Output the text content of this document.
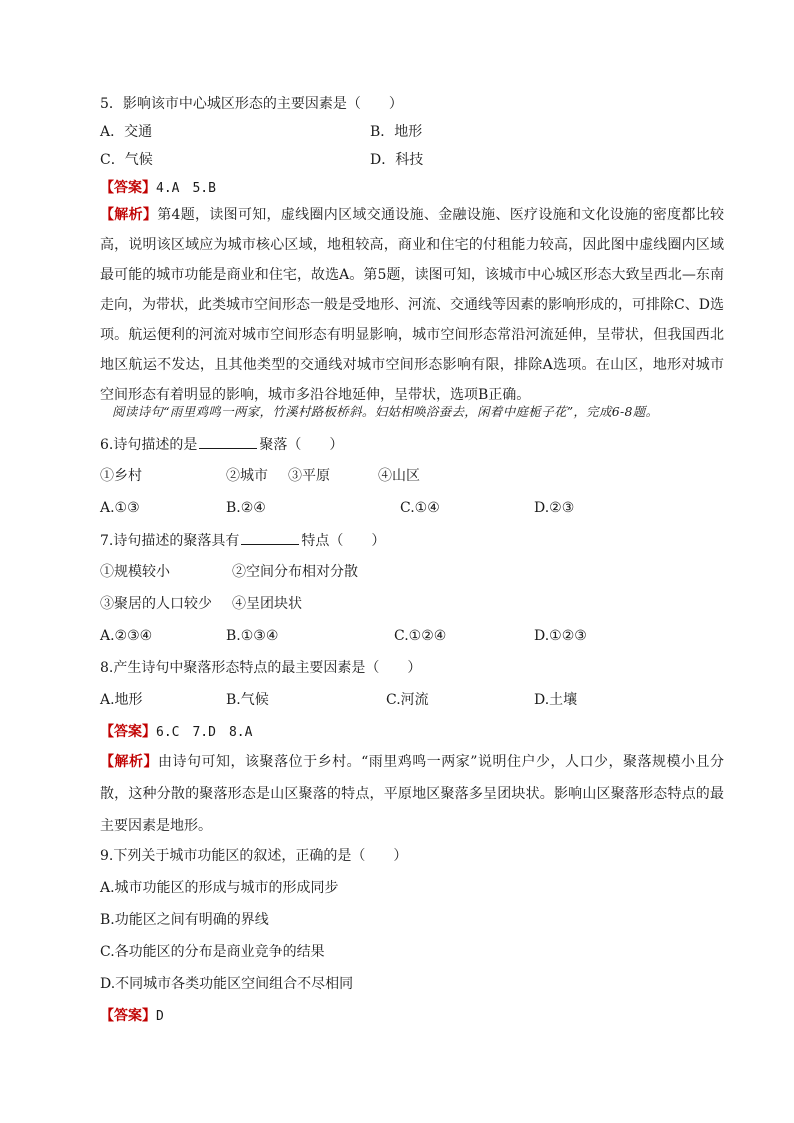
5．影响该市中心城区形态的主要因素是（　　）
A．交通	B．地形
C．气候	D．科技
【答案】4.A　5.B
【解析】第4题，读图可知，虚线圈内区域交通设施、金融设施、医疗设施和文化设施的密度都比较高，说明该区域应为城市核心区域，地租较高，商业和住宅的付租能力较高，因此图中虚线圈内区域最可能的城市功能是商业和住宅，故选A。第5题，读图可知，该城市中心城区形态大致呈西北—东南走向，为带状，此类城市空间形态一般是受地形、河流、交通线等因素的影响形成的，可排除C、D选项。航运便利的河流对城市空间形态有明显影响，城市空间形态常沿河流延伸，呈带状，但我国西北地区航运不发达，且其他类型的交通线对城市空间形态影响有限，排除A选项。在山区，地形对城市空间形态有着明显的影响，城市多沿谷地延伸，呈带状，选项B正确。
阅读诗句“雨里鸡鸣一两家，竹溪村路板桥斜。妇姑相唤浴蚕去，闲着中庭栀子花”，完成6-8题。
6.诗句描述的是	聚落（　　）
①乡村	②城市 ③平原	④山区
A.①③	B.②④	C.①④	D.②③
7.诗句描述的聚落具有	特点（　　）
①规模较小	②空间分布相对分散
③聚居的人口较少 ④呈团块状
A.②③④	B.①③④	C.①②④	D.①②③
8.产生诗句中聚落形态特点的最主要因素是（　　）
A.地形	B.气候	C.河流	D.土壤
【答案】6.C　7.D　8.A
【解析】由诗句可知，该聚落位于乡村。“雨里鸡鸣一两家”说明住户少，人口少，聚落规模小且分散，这种分散的聚落形态是山区聚落的特点，平原地区聚落多呈团块状。影响山区聚落形态特点的最主要因素是地形。
9.下列关于城市功能区的叙述，正确的是（　　）
A.城市功能区的形成与城市的形成同步
B.功能区之间有明确的界线
C.各功能区的分布是商业竞争的结果
D.不同城市各类功能区空间组合不尽相同
【答案】D
